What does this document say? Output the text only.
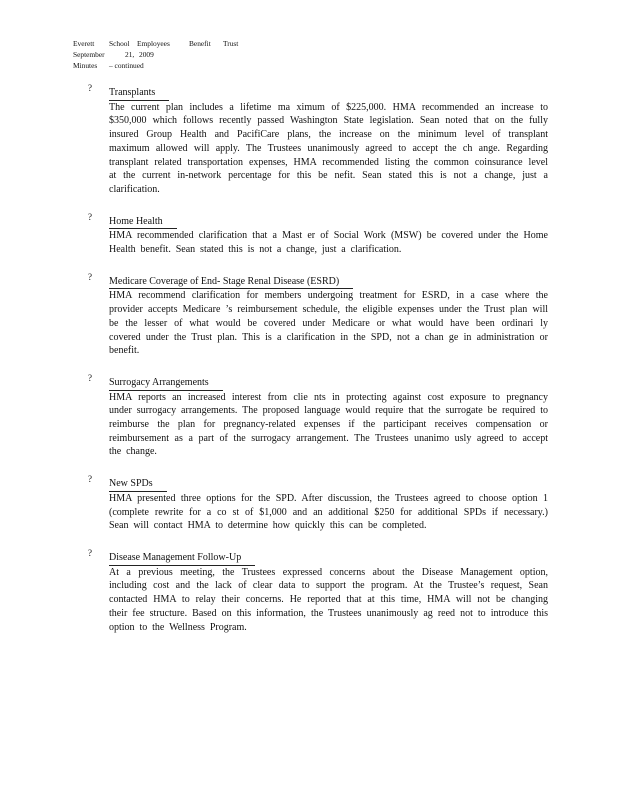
Everett	School	Employees	Benefit	Trust
September	21, 2009
Minutes	– continued
? Transplants
The current plan includes a lifetime ma ximum of $225,000. HMA recommended an increase to $350,000 which follows recently passed Washington State legislation. Sean noted that on the fully insured Group Health and PacifiCare plans, the increase on the minimum level of transplant maximum allowed will apply. The Trustees unanimously agreed to accept the ch ange. Regarding transplant related transportation expenses, HMA recommended listing the common coinsurance level at the current in-network percentage for this be nefit. Sean stated this is not a change, just a clarification.
? Home Health
HMA recommended clarification that a Mast er of Social Work (MSW) be covered under the Home Health benefit. Sean stated this is not a change, just a clarification.
? Medicare Coverage of End- Stage Renal Disease (ESRD)
HMA recommend clarification for members undergoing treatment for ESRD, in a case where the provider accepts Medicare ’s reimbursement schedule, the eligible expenses under the Trust plan will be the lesser of what would be covered under Medicare or what would have been ordinari ly covered under the Trust plan. This is a clarification in the SPD, not a chan ge in administration or benefit.
? Surrogacy Arrangements
HMA reports an increased interest from clie nts in protecting against cost exposure to pregnancy under surrogacy arrangements. The proposed language would require that the surrogate be required to reimburse the plan for pregnancy-related expenses if the participant receives compensation or reimbursement as a part of the surrogacy arrangement. The Trustees unanimo usly agreed to accept the change.
? New SPDs
HMA presented three options for the SPD. After discussion, the Trustees agreed to choose option 1 (complete rewrite for a co st of $1,000 and an additional $250 for additional SPDs if necessary.) Sean will contact HMA to determine how quickly this can be completed.
? Disease Management Follow-Up
At a previous meeting, the Trustees expressed concerns about the Disease Management option, including cost and the lack of clear data to support the program. At the Trustee’s request, Sean contacted HMA to relay their concerns. He reported that at this time, HMA will not be changing their fee structure. Based on this information, the Trustees unanimously ag reed not to introduce this option to the Wellness Program.
